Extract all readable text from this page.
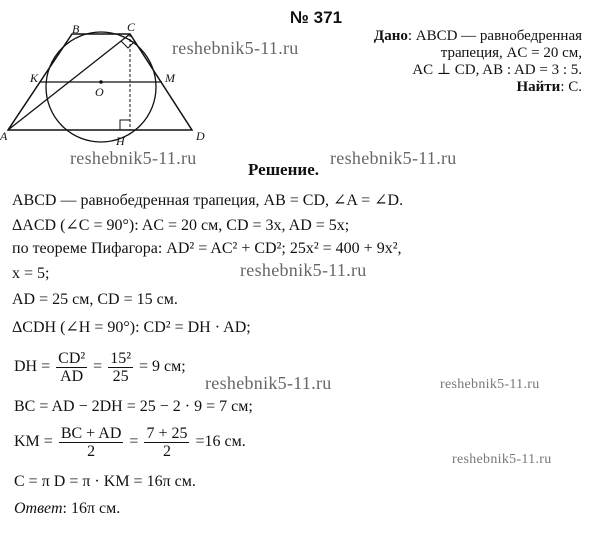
№ 371
A
B	C
D
K	M
O
H
Дано: ABCD — равнобедренная
трапеция, AC = 20 см,
AC ⊥ CD, AB : AD = 3 : 5.
Найти: C.
reshebnik5-11.ru
reshebnik5-11.ru	reshebnik5-11.ru
reshebnik5-11.ru
reshebnik5-11.ru	reshebnik5-11.ru
reshebnik5-11.ru
Решение.
ABCD — равнобедренная трапеция, AB = CD, ∠A = ∠D.
ΔACD (∠C = 90°): AC = 20 см, CD = 3x, AD = 5x;
по теореме Пифагора: AD² = AC² + CD²; 25x² = 400 + 9x²,
x = 5;
AD = 25 см, CD = 15 см.
ΔCDH (∠H = 90°): CD² = DH · AD;
DH = $\frac{\text{CD²}}{AD} = \frac{\text{15²}}{25} = 9$ см;
BC = AD − 2DH = 25 − 2 · 9 = 7 см;
KM = $\frac{BC + AD}{2} = \frac{7 + 25}{2} =16$ см.
C = π D = π · KM = 16π см.
Ответ: 16π см.
